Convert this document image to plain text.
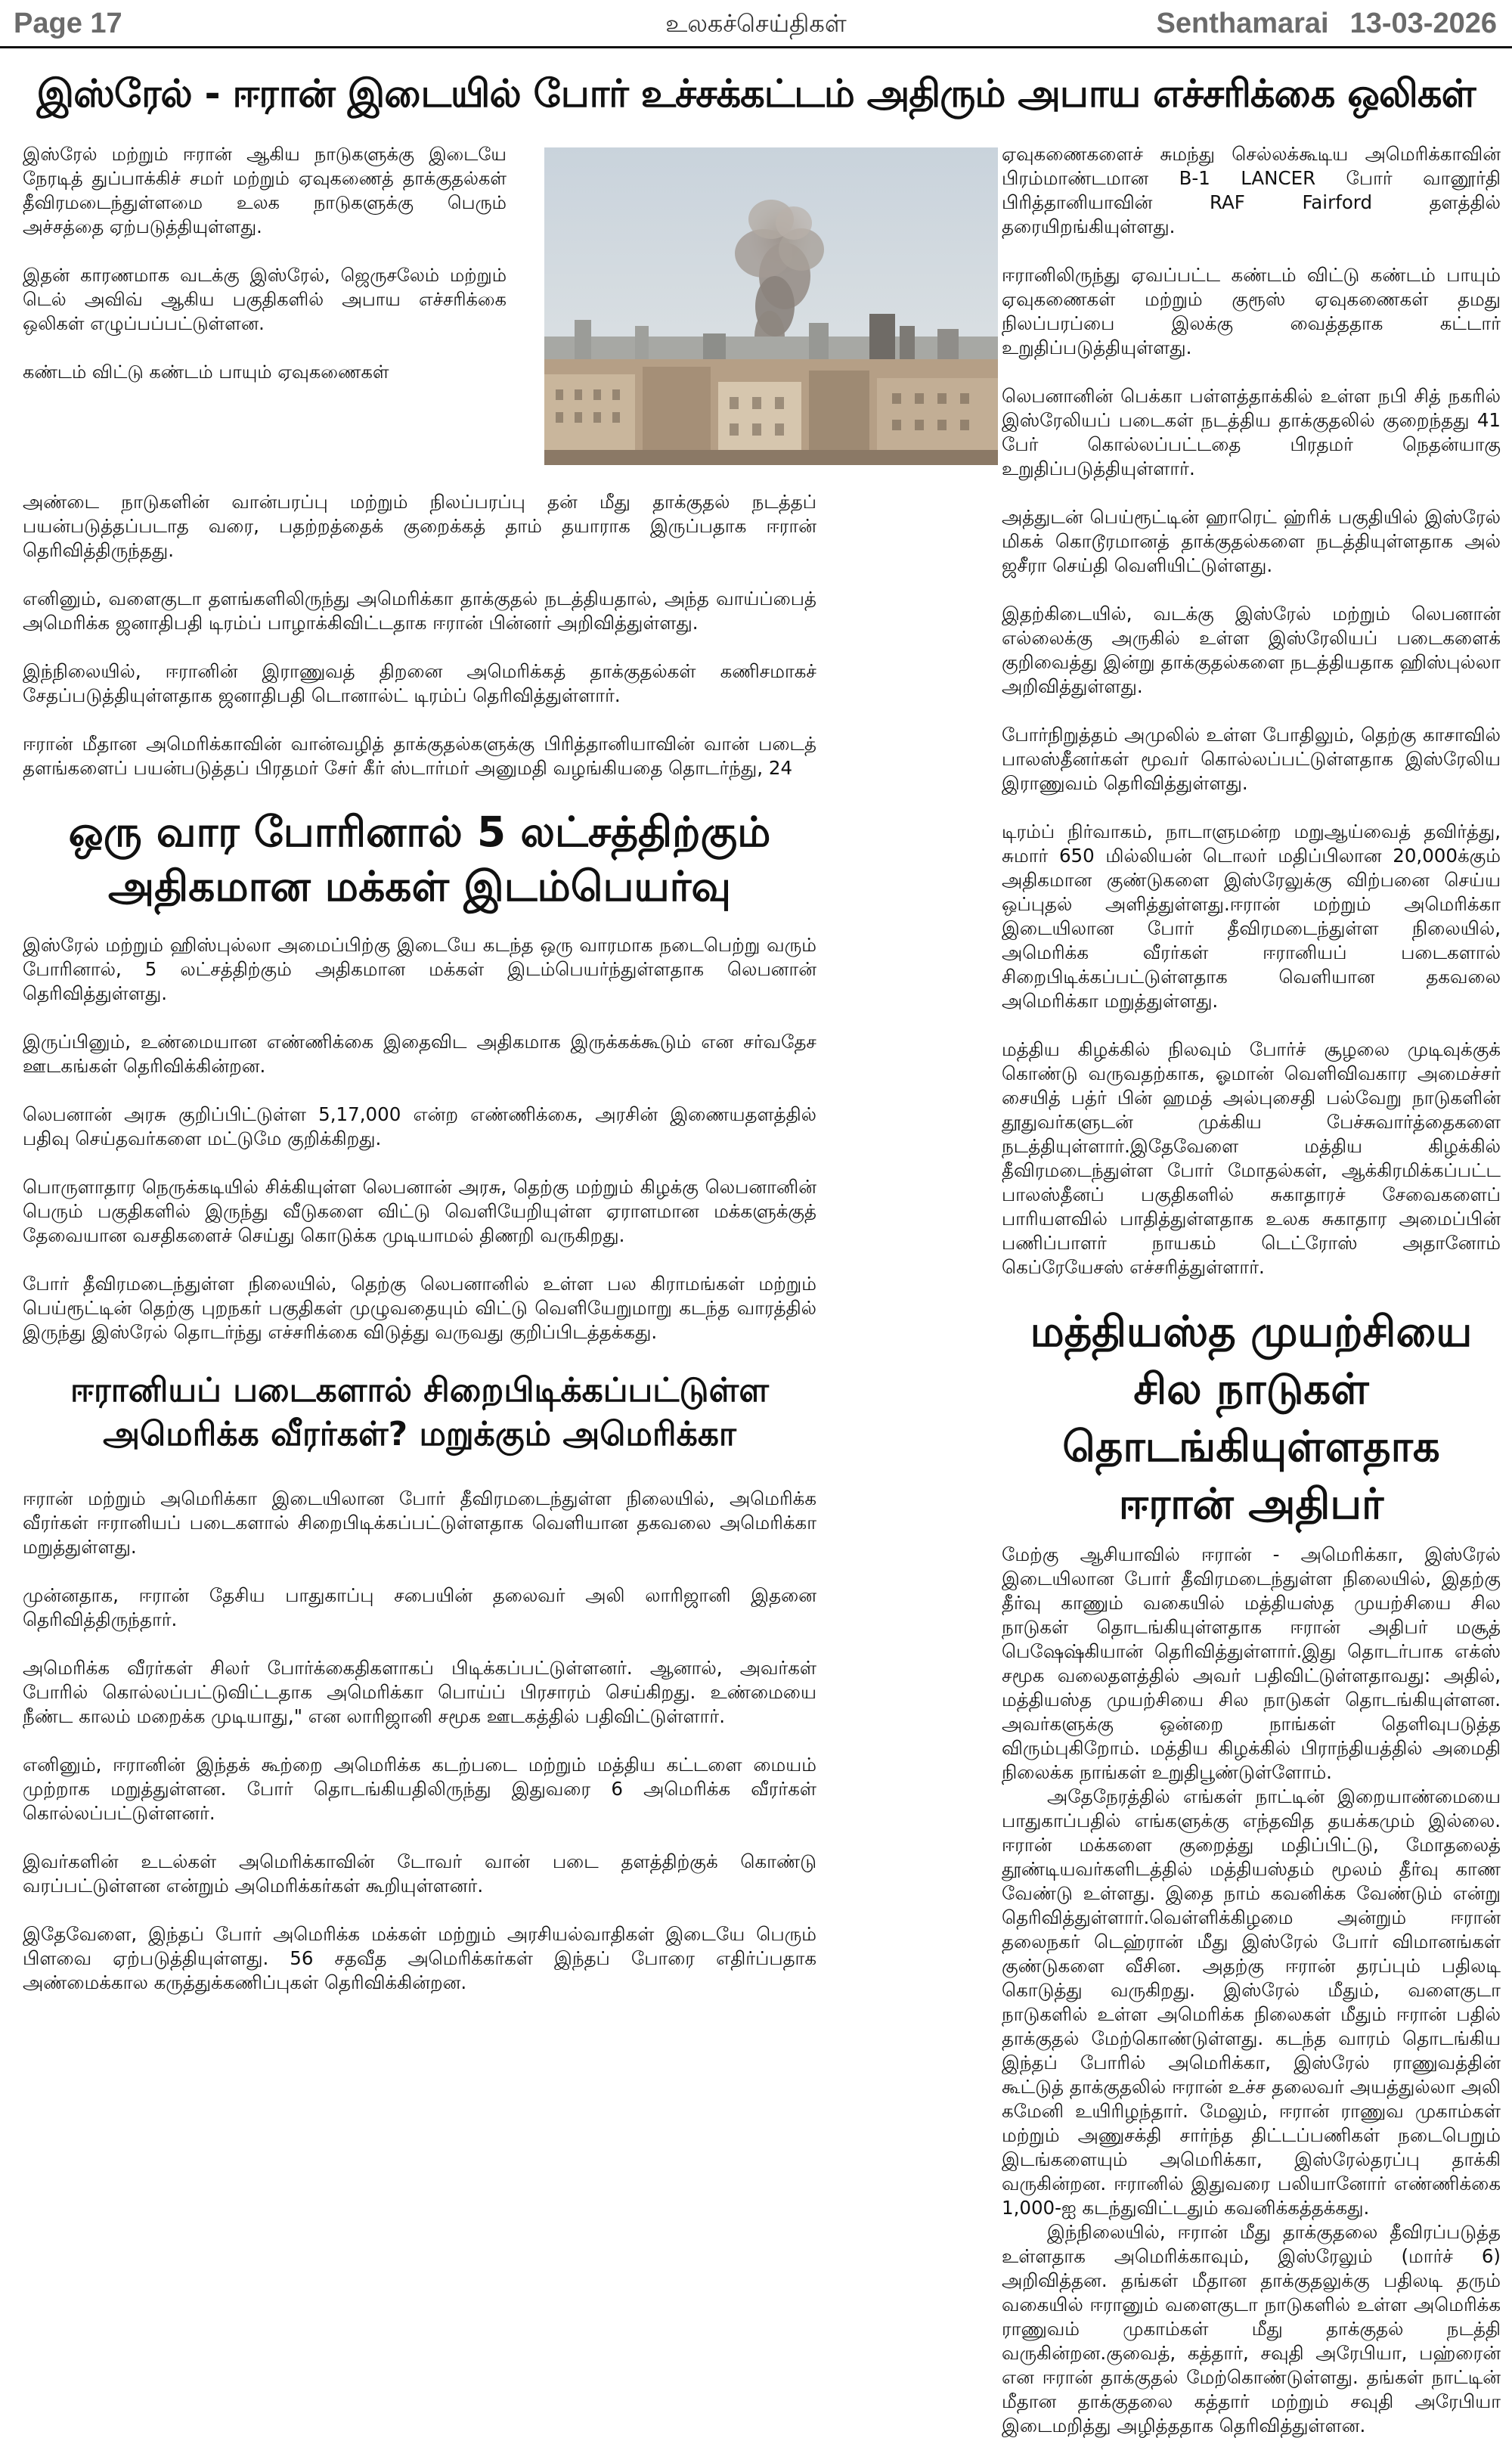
Page 17	உலகச்செய்திகள்	Senthamarai 13-03-2026
இஸ்ரேல் - ஈரான் இடையில் போர் உச்சக்கட்டம் அதிரும் அபாய எச்சரிக்கை ஒலிகள்

இஸ்ரேல் மற்றும் ஈரான் ஆகிய நாடுகளுக்கு இடையே நேரடித் துப்பாக்கிச் சமர் மற்றும் ஏவுகணைத் தாக்குதல்கள் தீவிரமடைந்துள்ளமை உலக நாடுகளுக்கு பெரும் அச்சத்தை ஏற்படுத்தியுள்ளது.

இதன் காரணமாக வடக்கு இஸ்ரேல், ஜெருசலேம் மற்றும் டெல் அவிவ் ஆகிய பகுதிகளில் அபாய எச்சரிக்கை ஒலிகள் எழுப்பப்பட்டுள்ளன.

கண்டம் விட்டு கண்டம் பாயும் ஏவுகணைகள்

அண்டை நாடுகளின் வான்பரப்பு மற்றும் நிலப்பரப்பு தன் மீது தாக்குதல் நடத்தப் பயன்படுத்தப்படாத வரை, பதற்றத்தைக் குறைக்கத் தாம் தயாராக இருப்பதாக ஈரான் தெரிவித்திருந்தது.

எனினும், வளைகுடா தளங்களிலிருந்து அமெரிக்கா தாக்குதல் நடத்தியதால், அந்த வாய்ப்பைத் அமெரிக்க ஜனாதிபதி டிரம்ப் பாழாக்கிவிட்டதாக ஈரான் பின்னர் அறிவித்துள்ளது.

இந்நிலையில், ஈரானின் இராணுவத் திறனை அமெரிக்கத் தாக்குதல்கள் கணிசமாகச் சேதப்படுத்தியுள்ளதாக ஜனாதிபதி டொனால்ட் டிரம்ப் தெரிவித்துள்ளார்.

ஈரான் மீதான அமெரிக்காவின் வான்வழித் தாக்குதல்களுக்கு பிரித்தானியாவின் வான் படைத் தளங்களைப் பயன்படுத்தப் பிரதமர் சேர் கீர் ஸ்டார்மர் அனுமதி வழங்கியதை தொடர்ந்து, 24

ஒரு வார போரினால் 5 லட்சத்திற்கும் அதிகமான மக்கள் இடம்பெயர்வு

இஸ்ரேல் மற்றும் ஹிஸ்புல்லா அமைப்பிற்கு இடையே கடந்த ஒரு வாரமாக நடைபெற்று வரும் போரினால், 5 லட்சத்திற்கும் அதிகமான மக்கள் இடம்பெயர்ந்துள்ளதாக லெபனான் தெரிவித்துள்ளது.

இருப்பினும், உண்மையான எண்ணிக்கை இதைவிட அதிகமாக இருக்கக்கூடும் என சர்வதேச ஊடகங்கள் தெரிவிக்கின்றன.

லெபனான் அரசு குறிப்பிட்டுள்ள 5,17,000 என்ற எண்ணிக்கை, அரசின் இணையதளத்தில் பதிவு செய்தவர்களை மட்டுமே குறிக்கிறது.

பொருளாதார நெருக்கடியில் சிக்கியுள்ள லெபனான் அரசு, தெற்கு மற்றும் கிழக்கு லெபனானின் பெரும் பகுதிகளில் இருந்து வீடுகளை விட்டு வெளியேறியுள்ள ஏராளமான மக்களுக்குத் தேவையான வசதிகளைச் செய்து கொடுக்க முடியாமல் திணறி வருகிறது.

போர் தீவிரமடைந்துள்ள நிலையில், தெற்கு லெபனானில் உள்ள பல கிராமங்கள் மற்றும் பெய்ரூட்டின் தெற்கு புறநகர் பகுதிகள் முழுவதையும் விட்டு வெளியேறுமாறு கடந்த வாரத்தில் இருந்து இஸ்ரேல் தொடர்ந்து எச்சரிக்கை விடுத்து வருவது குறிப்பிடத்தக்கது.

ஈரானியப் படைகளால் சிறைபிடிக்கப்பட்டுள்ள அமெரிக்க வீரர்கள்? மறுக்கும் அமெரிக்கா

ஈரான் மற்றும் அமெரிக்கா இடையிலான போர் தீவிரமடைந்துள்ள நிலையில், அமெரிக்க வீரர்கள் ஈரானியப் படைகளால் சிறைபிடிக்கப்பட்டுள்ளதாக வெளியான தகவலை அமெரிக்கா மறுத்துள்ளது.

முன்னதாக, ஈரான் தேசிய பாதுகாப்பு சபையின் தலைவர் அலி லாரிஜானி இதனை தெரிவித்திருந்தார்.

அமெரிக்க வீரர்கள் சிலர் போர்க்கைதிகளாகப் பிடிக்கப்பட்டுள்ளனர். ஆனால், அவர்கள் போரில் கொல்லப்பட்டுவிட்டதாக அமெரிக்கா பொய்ப் பிரசாரம் செய்கிறது. உண்மையை நீண்ட காலம் மறைக்க முடியாது," என லாரிஜானி சமூக ஊடகத்தில் பதிவிட்டுள்ளார்.

எனினும், ஈரானின் இந்தக் கூற்றை அமெரிக்க கடற்படை மற்றும் மத்திய கட்டளை மையம் முற்றாக மறுத்துள்ளன. போர் தொடங்கியதிலிருந்து இதுவரை 6 அமெரிக்க வீரர்கள் கொல்லப்பட்டுள்ளனர்.

இவர்களின் உடல்கள் அமெரிக்காவின் டோவர் வான் படை தளத்திற்குக் கொண்டு வரப்பட்டுள்ளன என்றும் அமெரிக்கர்கள் கூறியுள்ளனர்.

இதேவேளை, இந்தப் போர் அமெரிக்க மக்கள் மற்றும் அரசியல்வாதிகள் இடையே பெரும் பிளவை ஏற்படுத்தியுள்ளது. 56 சதவீத அமெரிக்கர்கள் இந்தப் போரை எதிர்ப்பதாக அண்மைக்கால கருத்துக்கணிப்புகள் தெரிவிக்கின்றன.

ஏவுகணைகளைச் சுமந்து செல்லக்கூடிய அமெரிக்காவின் பிரம்மாண்டமான B-1 LANCER போர் வானூர்தி பிரித்தானியாவின் RAF Fairford தளத்தில் தரையிறங்கியுள்ளது.

ஈரானிலிருந்து ஏவப்பட்ட கண்டம் விட்டு கண்டம் பாயும் ஏவுகணைகள் மற்றும் குரூஸ் ஏவுகணைகள் தமது நிலப்பரப்பை இலக்கு வைத்ததாக கட்டார் உறுதிப்படுத்தியுள்ளது.

லெபனானின் பெக்கா பள்ளத்தாக்கில் உள்ள நபி சித் நகரில் இஸ்ரேலியப் படைகள் நடத்திய தாக்குதலில் குறைந்தது 41 பேர் கொல்லப்பட்டதை பிரதமர் நெதன்யாகு உறுதிப்படுத்தியுள்ளார்.

அத்துடன் பெய்ரூட்டின் ஹாரெட் ஹ்ரிக் பகுதியில் இஸ்ரேல் மிகக் கொடூரமானத் தாக்குதல்களை நடத்தியுள்ளதாக அல் ஜசீரா செய்தி வெளியிட்டுள்ளது.

இதற்கிடையில், வடக்கு இஸ்ரேல் மற்றும் லெபனான் எல்லைக்கு அருகில் உள்ள இஸ்ரேலியப் படைகளைக் குறிவைத்து இன்று தாக்குதல்களை நடத்தியதாக ஹிஸ்புல்லா அறிவித்துள்ளது.

போர்நிறுத்தம் அமுலில் உள்ள போதிலும், தெற்கு காசாவில் பாலஸ்தீனர்கள் மூவர் கொல்லப்பட்டுள்ளதாக இஸ்ரேலிய இராணுவம் தெரிவித்துள்ளது.

டிரம்ப் நிர்வாகம், நாடாளுமன்ற மறுஆய்வைத் தவிர்த்து, சுமார் 650 மில்லியன் டொலர் மதிப்பிலான 20,000க்கும் அதிகமான குண்டுகளை இஸ்ரேலுக்கு விற்பனை செய்ய ஒப்புதல் அளித்துள்ளது.ஈரான் மற்றும் அமெரிக்கா இடையிலான போர் தீவிரமடைந்துள்ள நிலையில், அமெரிக்க வீரர்கள் ஈரானியப் படைகளால் சிறைபிடிக்கப்பட்டுள்ளதாக வெளியான தகவலை அமெரிக்கா மறுத்துள்ளது.

மத்திய கிழக்கில் நிலவும் போர்ச் சூழலை முடிவுக்குக் கொண்டு வருவதற்காக, ஓமான் வெளிவிவகார அமைச்சர் சையித் பத்ர் பின் ஹமத் அல்புசைதி பல்வேறு நாடுகளின் தூதுவர்களுடன் முக்கிய பேச்சுவார்த்தைகளை நடத்தியுள்ளார்.இதேவேளை மத்திய கிழக்கில் தீவிரமடைந்துள்ள போர் மோதல்கள், ஆக்கிரமிக்கப்பட்ட பாலஸ்தீனப் பகுதிகளில் சுகாதாரச் சேவைகளைப் பாரியளவில் பாதித்துள்ளதாக உலக சுகாதார அமைப்பின் பணிப்பாளர் நாயகம் டெட்ரோஸ் அதானோம் கெப்ரேயேசஸ் எச்சரித்துள்ளார்.

மத்தியஸ்த முயற்சியை சில நாடுகள் தொடங்கியுள்ளதாக ஈரான் அதிபர்

மேற்கு ஆசியாவில் ஈரான் - அமெரிக்கா, இஸ்ரேல் இடையிலான போர் தீவிரமடைந்துள்ள நிலையில், இதற்கு தீர்வு காணும் வகையில் மத்தியஸ்த முயற்சியை சில நாடுகள் தொடங்கியுள்ளதாக ஈரான் அதிபர் மசூத் பெஷேஷ்கியான் தெரிவித்துள்ளார்.இது தொடர்பாக எக்ஸ் சமூக வலைதளத்தில் அவர் பதிவிட்டுள்ளதாவது: அதில், மத்தியஸ்த முயற்சியை சில நாடுகள் தொடங்கியுள்ளன. அவர்களுக்கு ஒன்றை நாங்கள் தெளிவுபடுத்த விரும்புகிறோம். மத்திய கிழக்கில் பிராந்தியத்தில் அமைதி நிலைக்க நாங்கள் உறுதிபூண்டுள்ளோம்.

அதேநேரத்தில் எங்கள் நாட்டின் இறையாண்மையை பாதுகாப்பதில் எங்களுக்கு எந்தவித தயக்கமும் இல்லை. ஈரான் மக்களை குறைத்து மதிப்பிட்டு, மோதலைத் தூண்டியவர்களிடத்தில் மத்தியஸ்தம் மூலம் தீர்வு காண வேண்டு உள்ளது. இதை நாம் கவனிக்க வேண்டும் என்று தெரிவித்துள்ளார்.வெள்ளிக்கிழமை அன்றும் ஈரான் தலைநகர் டெஹ்ரான் மீது இஸ்ரேல் போர் விமானங்கள் குண்டுகளை வீசின. அதற்கு ஈரான் தரப்பும் பதிலடி கொடுத்து வருகிறது. இஸ்ரேல் மீதும், வளைகுடா நாடுகளில் உள்ள அமெரிக்க நிலைகள் மீதும் ஈரான் பதில் தாக்குதல் மேற்கொண்டுள்ளது. கடந்த வாரம் தொடங்கிய இந்தப் போரில் அமெரிக்கா, இஸ்ரேல் ராணுவத்தின் கூட்டுத் தாக்குதலில் ஈரான் உச்ச தலைவர் அயத்துல்லா அலி கமேனி உயிரிழந்தார். மேலும், ஈரான் ராணுவ முகாம்கள் மற்றும் அணுசக்தி சார்ந்த திட்டப்பணிகள் நடைபெறும் இடங்களையும் அமெரிக்கா, இஸ்ரேல்தரப்பு தாக்கி வருகின்றன. ஈரானில் இதுவரை பலியானோர் எண்ணிக்கை 1,000-ஐ கடந்துவிட்டதும் கவனிக்கத்தக்கது.

இந்நிலையில், ஈரான் மீது தாக்குதலை தீவிரப்படுத்த உள்ளதாக அமெரிக்காவும், இஸ்ரேலும் (மார்ச் 6) அறிவித்தன. தங்கள் மீதான தாக்குதலுக்கு பதிலடி தரும் வகையில் ஈரானும் வளைகுடா நாடுகளில் உள்ள அமெரிக்க ராணுவம் முகாம்கள் மீது தாக்குதல் நடத்தி வருகின்றன.குவைத், கத்தார், சவுதி அரேபியா, பஹ்ரைன் என ஈரான் தாக்குதல் மேற்கொண்டுள்ளது. தங்கள் நாட்டின் மீதான தாக்குதலை கத்தார் மற்றும் சவுதி அரேபியா இடைமறித்து அழித்ததாக தெரிவித்துள்ளன.
